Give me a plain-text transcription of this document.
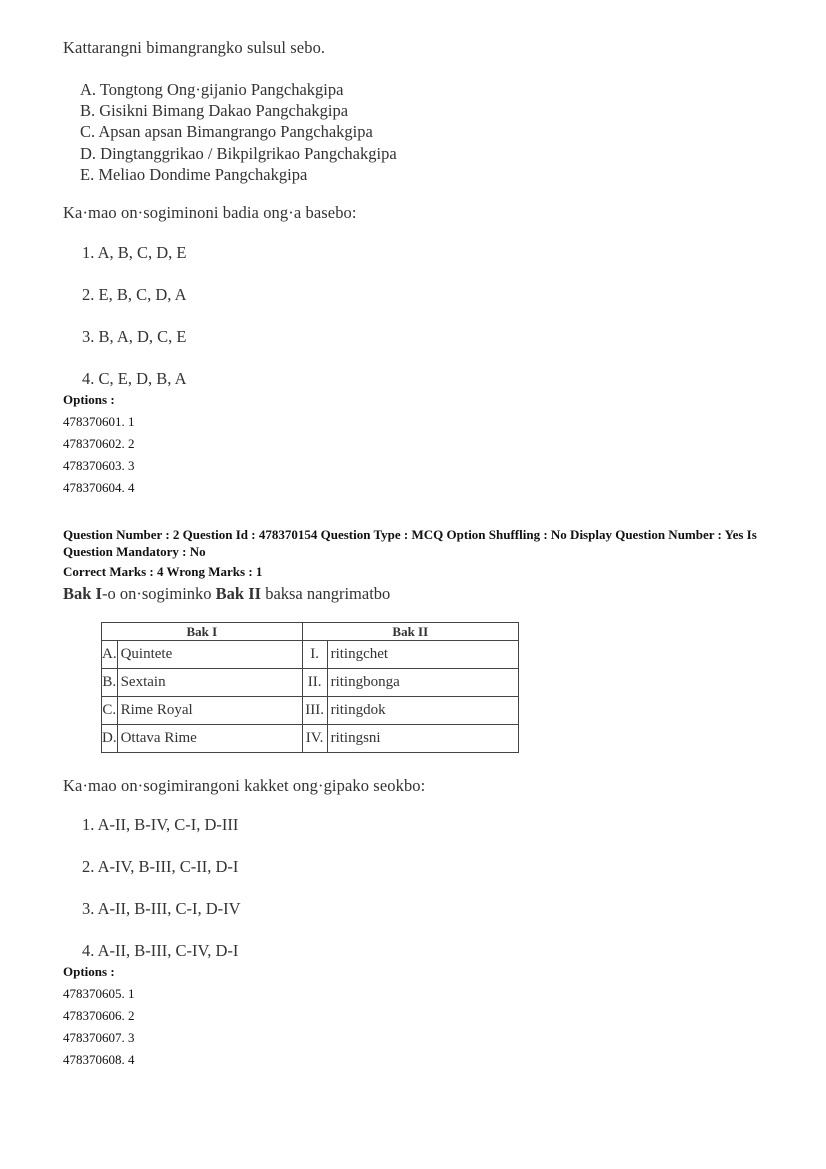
Kattarangni bimangrangko sulsul sebo.
A. Tongtong Ong·gijanio Pangchakgipa
B. Gisikni Bimang Dakao Pangchakgipa
C. Apsan apsan Bimangrango Pangchakgipa
D. Dingtanggrikao / Bikpilgrikao Pangchakgipa
E. Meliao Dondime Pangchakgipa
Ka·mao on·sogiminoni badia ong·a basebo:
1. A, B, C, D, E
2. E, B, C, D, A
3. B, A, D, C, E
4. C, E, D, B, A
Options :
478370601. 1
478370602. 2
478370603. 3
478370604. 4
Question Number : 2 Question Id : 478370154 Question Type : MCQ Option Shuffling : No Display Question Number : Yes Is Question Mandatory : No
Correct Marks : 4 Wrong Marks : 1
Bak I-o on·sogiminko Bak II baksa nangrimatbo
Bak I		Bak II	
A.	Quintete	I.	ritingchet
B.	Sextain	II.	ritingbonga
C.	Rime Royal	III.	ritingdok
D.	Ottava Rime	IV.	ritingsni
Ka·mao on·sogimirangoni kakket ong·gipako seokbo:
1. A-II, B-IV, C-I, D-III
2. A-IV, B-III, C-II, D-I
3. A-II, B-III, C-I, D-IV
4. A-II, B-III, C-IV, D-I
Options :
478370605. 1
478370606. 2
478370607. 3
478370608. 4
